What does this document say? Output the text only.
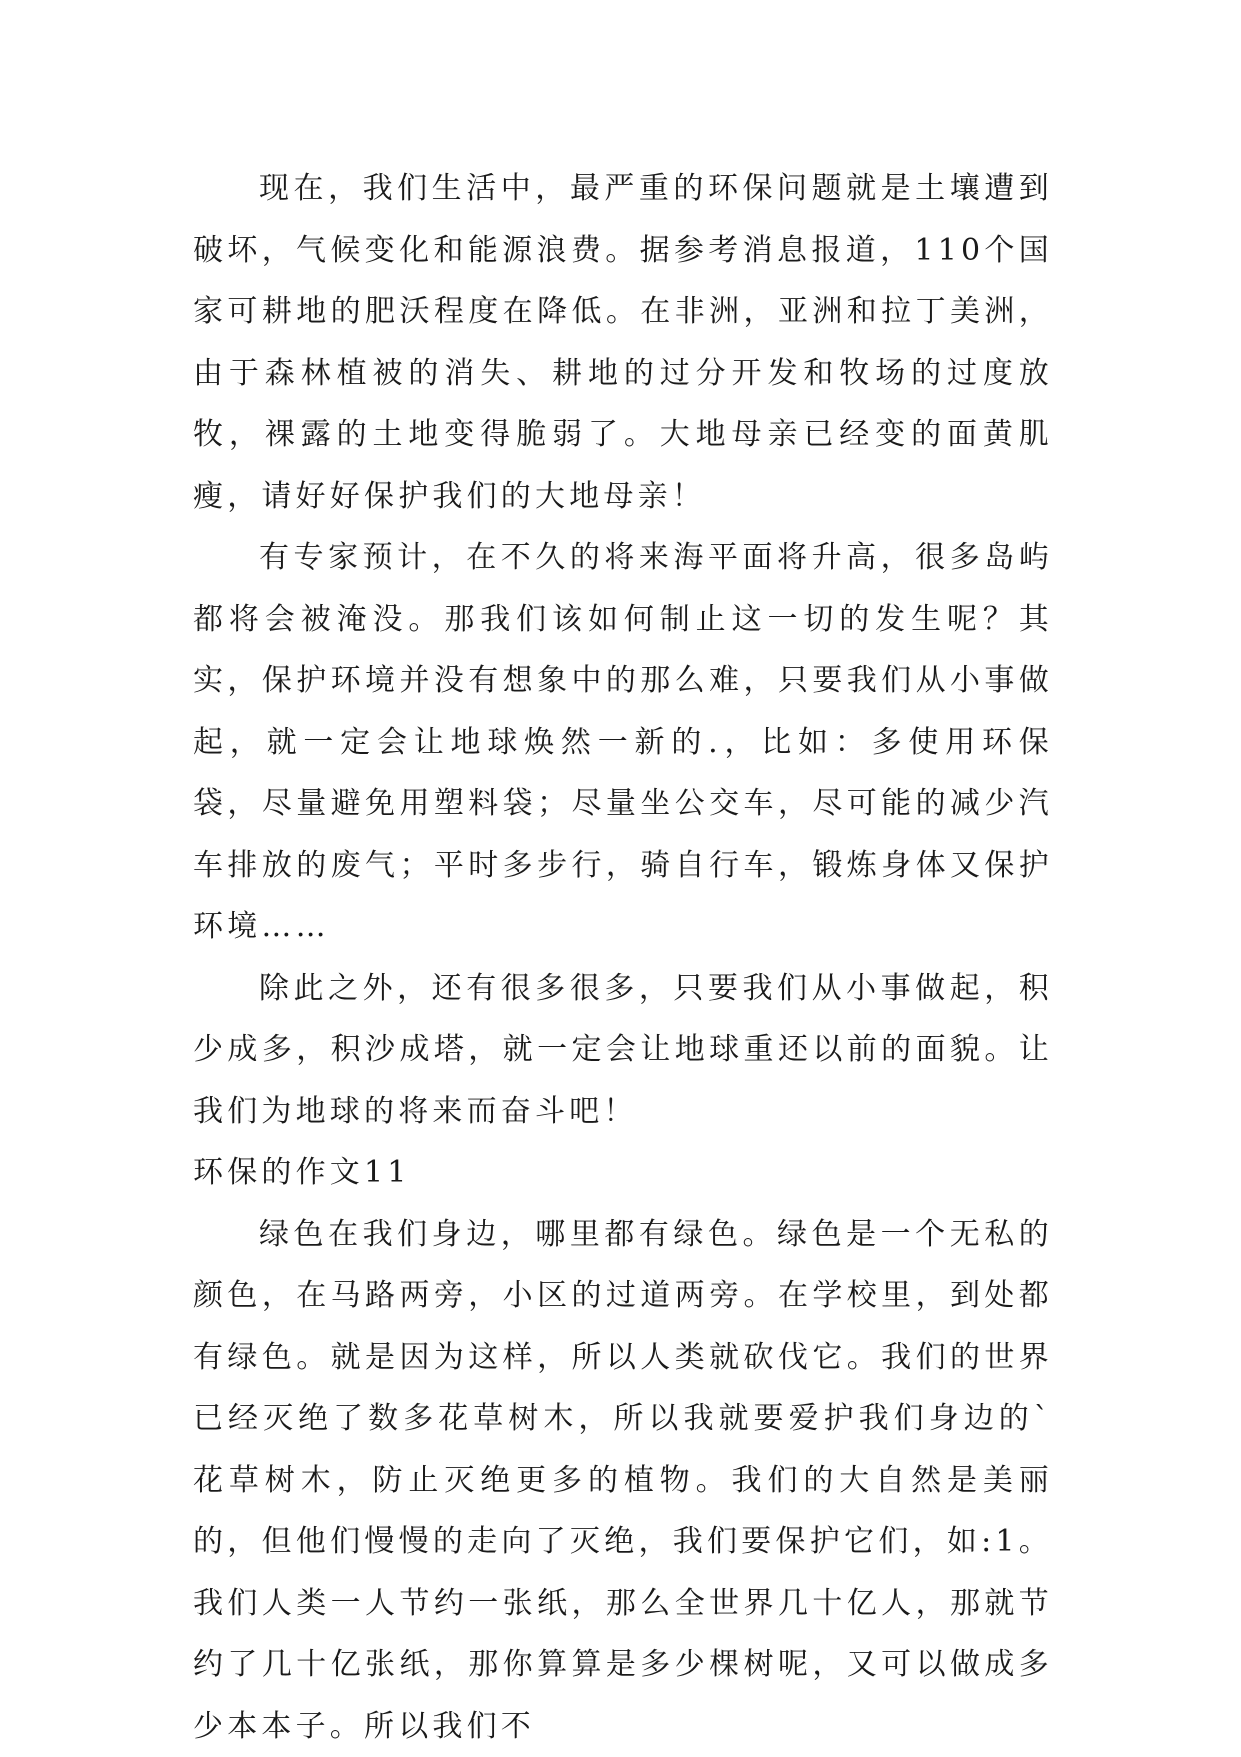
现在，我们生活中，最严重的环保问题就是土壤遭到破坏，气候变化和能源浪费。据参考消息报道，110个国家可耕地的肥沃程度在降低。在非洲，亚洲和拉丁美洲，由于森林植被的消失、耕地的过分开发和牧场的过度放牧，裸露的土地变得脆弱了。大地母亲已经变的面黄肌瘦，请好好保护我们的大地母亲！

有专家预计，在不久的将来海平面将升高，很多岛屿都将会被淹没。那我们该如何制止这一切的发生呢？其实，保护环境并没有想象中的那么难，只要我们从小事做起，就一定会让地球焕然一新的.，比如：多使用环保袋，尽量避免用塑料袋；尽量坐公交车，尽可能的减少汽车排放的废气；平时多步行，骑自行车，锻炼身体又保护环境……

除此之外，还有很多很多，只要我们从小事做起，积少成多，积沙成塔，就一定会让地球重还以前的面貌。让我们为地球的将来而奋斗吧！

环保的作文11

绿色在我们身边，哪里都有绿色。绿色是一个无私的颜色，在马路两旁，小区的过道两旁。在学校里，到处都有绿色。就是因为这样，所以人类就砍伐它。我们的世界已经灭绝了数多花草树木，所以我就要爱护我们身边的`花草树木，防止灭绝更多的植物。我们的大自然是美丽的，但他们慢慢的走向了灭绝，我们要保护它们，如:1。我们人类一人节约一张纸，那么全世界几十亿人，那就节约了几十亿张纸，那你算算是多少棵树呢，又可以做成多少本本子。所以我们不
